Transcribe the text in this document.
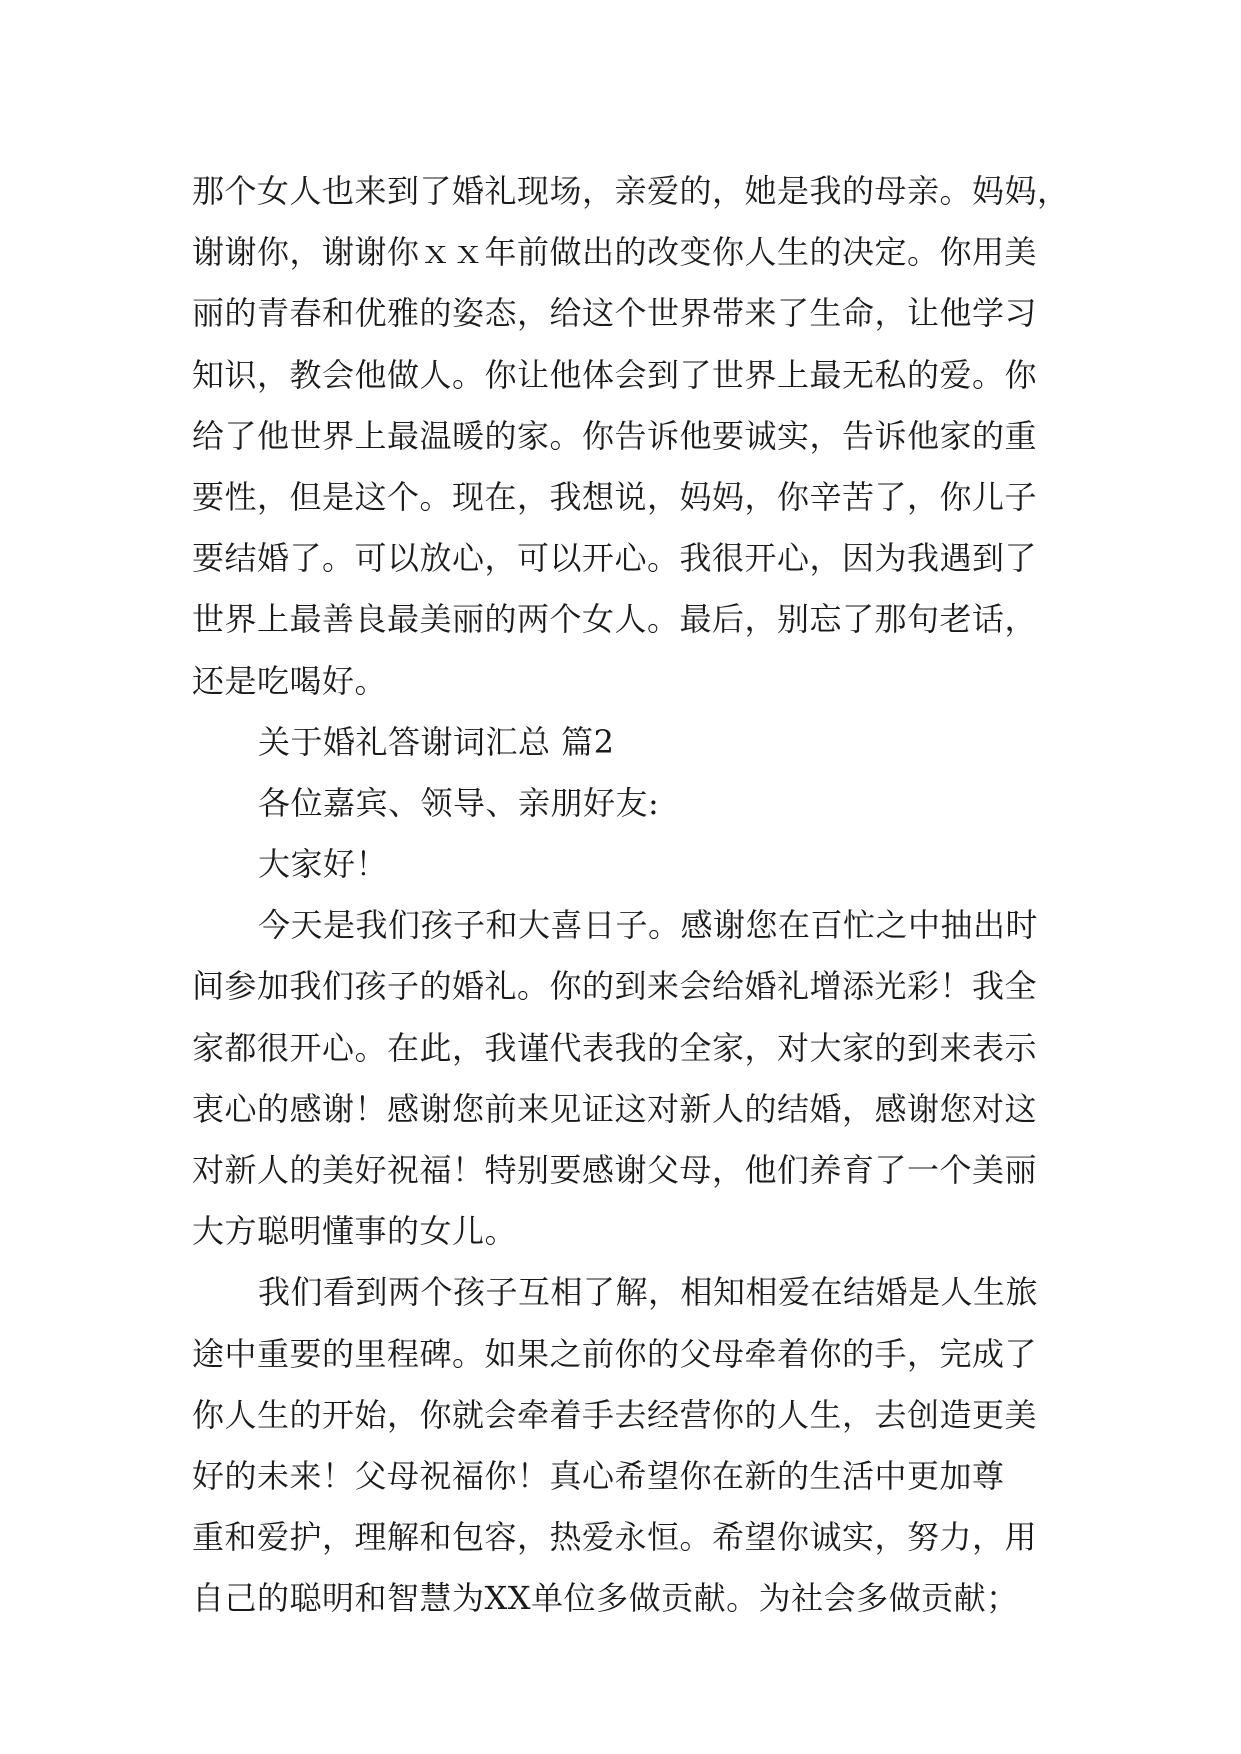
那个女人也来到了婚礼现场，亲爱的，她是我的母亲。妈妈，
谢谢你，谢谢你ｘｘ年前做出的改变你人生的决定。你用美
丽的青春和优雅的姿态，给这个世界带来了生命，让他学习
知识，教会他做人。你让他体会到了世界上最无私的爱。你
给了他世界上最温暖的家。你告诉他要诚实，告诉他家的重
要性，但是这个。现在，我想说，妈妈，你辛苦了，你儿子
要结婚了。可以放心，可以开心。我很开心，因为我遇到了
世界上最善良最美丽的两个女人。最后，别忘了那句老话，
还是吃喝好。
关于婚礼答谢词汇总 篇2
各位嘉宾、领导、亲朋好友:
大家好！
今天是我们孩子和大喜日子。感谢您在百忙之中抽出时
间参加我们孩子的婚礼。你的到来会给婚礼增添光彩！我全
家都很开心。在此，我谨代表我的全家，对大家的到来表示
衷心的感谢！感谢您前来见证这对新人的结婚，感谢您对这
对新人的美好祝福！特别要感谢父母，他们养育了一个美丽
大方聪明懂事的女儿。
我们看到两个孩子互相了解，相知相爱在结婚是人生旅
途中重要的里程碑。如果之前你的父母牵着你的手，完成了
你人生的开始，你就会牵着手去经营你的人生，去创造更美
好的未来！父母祝福你！真心希望你在新的生活中更加尊
重和爱护，理解和包容，热爱永恒。希望你诚实，努力，用
自己的聪明和智慧为XX单位多做贡献。为社会多做贡献；
